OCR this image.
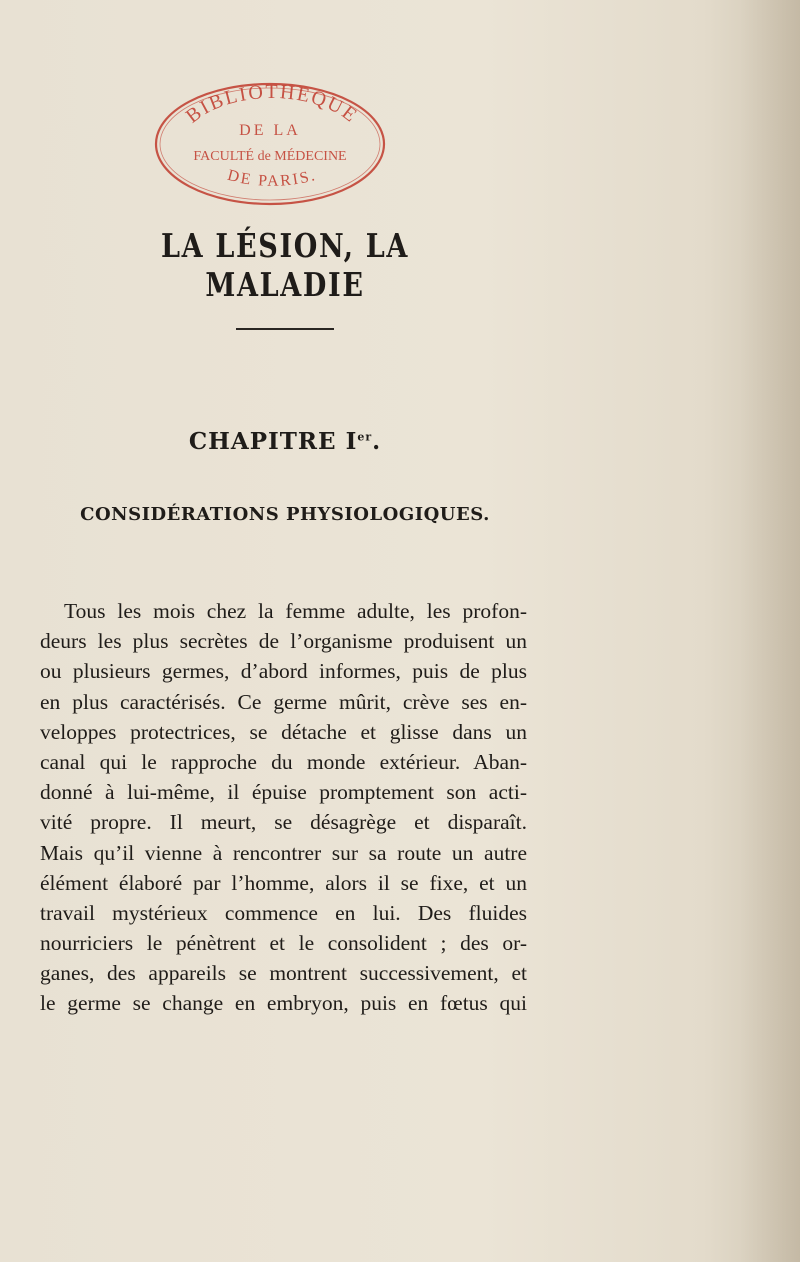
BIBLIOTHEQUE
DE LA
FACULTÉ de MÉDECINE
DE PARIS.
LA LÉSION, LA MALADIE
CHAPITRE Ier.
CONSIDÉRATIONS PHYSIOLOGIQUES.
Tous les mois chez la femme adulte, les profon-
deurs les plus secrètes de l’organisme produisent un
ou plusieurs germes, d’abord informes, puis de plus
en plus caractérisés. Ce germe mûrit, crève ses en-
veloppes protectrices, se détache et glisse dans un
canal qui le rapproche du monde extérieur. Aban-
donné à lui-même, il épuise promptement son acti-
vité propre. Il meurt, se désagrège et disparaît.
Mais qu’il vienne à rencontrer sur sa route un autre
élément élaboré par l’homme, alors il se fixe, et un
travail mystérieux commence en lui. Des fluides
nourriciers le pénètrent et le consolident ; des or-
ganes, des appareils se montrent successivement, et
le germe se change en embryon, puis en fœtus qui
